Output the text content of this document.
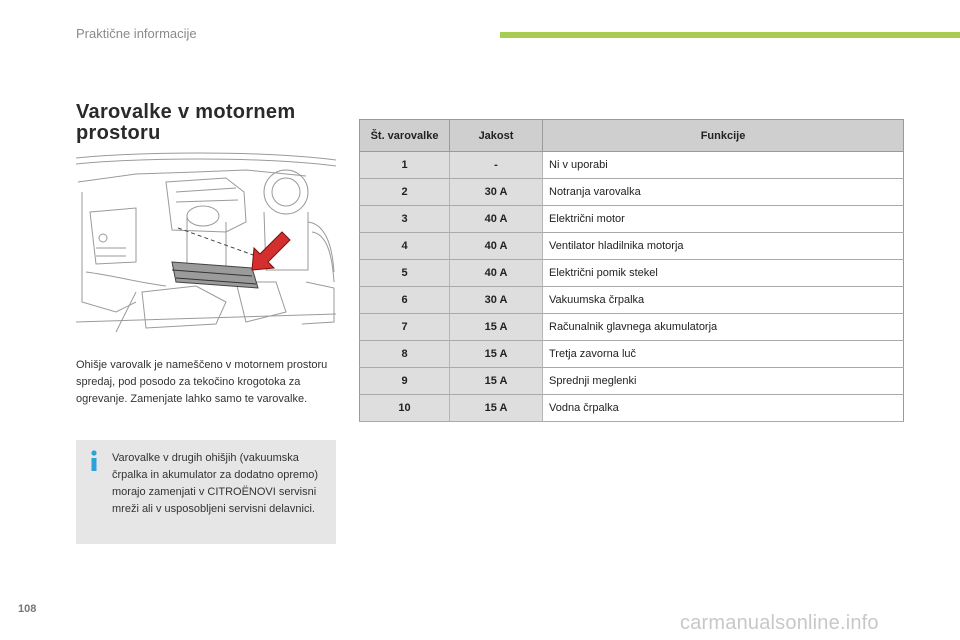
Praktične informacije
Varovalke v motornem prostoru
Ohišje varovalk je nameščeno v motornem prostoru spredaj, pod posodo za tekočino krogotoka za ogrevanje. Zamenjate lahko samo te varovalke.
Varovalke v drugih ohišjih (vakuumska črpalka in akumulator za dodatno opremo) morajo zamenjati v CITROËNOVI servisni mreži ali v usposobljeni servisni delavnici.
Št. varovalke	Jakost	Funkcije
1	-	Ni v uporabi
2	30 A	Notranja varovalka
3	40 A	Električni motor
4	40 A	Ventilator hladilnika motorja
5	40 A	Električni pomik stekel
6	30 A	Vakuumska črpalka
7	15 A	Računalnik glavnega akumulatorja
8	15 A	Tretja zavorna luč
9	15 A	Sprednji meglenki
10	15 A	Vodna črpalka
108
carmanualsonline.info
